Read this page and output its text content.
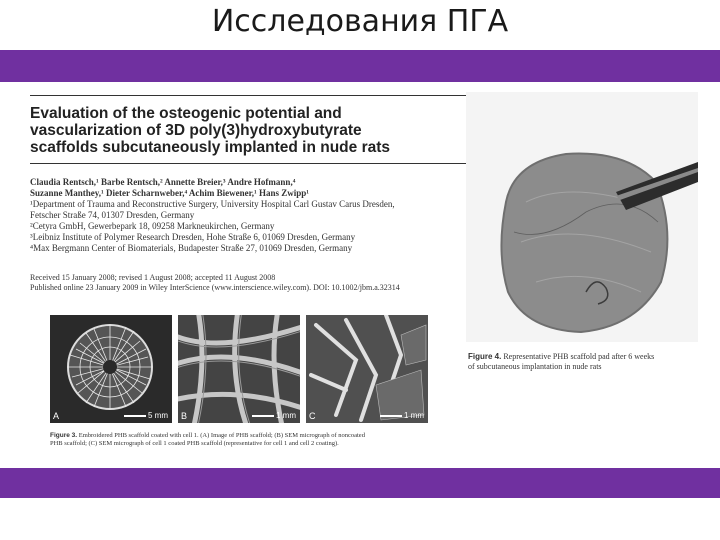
Исследования ПГА
Evaluation of the osteogenic potential and
vascularization of 3D poly(3)hydroxybutyrate
scaffolds subcutaneously implanted in nude rats
Claudia Rentsch,¹ Barbe Rentsch,² Annette Breier,³ Andre Hofmann,⁴
Suzanne Manthey,¹ Dieter Scharnweber,⁴ Achim Biewener,¹ Hans Zwipp¹
¹Department of Trauma and Reconstructive Surgery, University Hospital Carl Gustav Carus Dresden,
Fetscher Straße 74, 01307 Dresden, Germany
²Cetyra GmbH, Gewerbepark 18, 09258 Markneukirchen, Germany
³Leibniz Institute of Polymer Research Dresden, Hohe Straße 6, 01069 Dresden, Germany
⁴Max Bergmann Center of Biomaterials, Budapester Straße 27, 01069 Dresden, Germany
Received 15 January 2008; revised 1 August 2008; accepted 11 August 2008
Published online 23 January 2009 in Wiley InterScience (www.interscience.wiley.com). DOI: 10.1002/jbm.a.32314
A	5 mm B	1 mm C	1 mm
Figure 3. Embroidered PHB scaffold coated with cell 1. (A) Image of PHB scaffold; (B) SEM micrograph of noncoated
PHB scaffold; (C) SEM micrograph of cell 1 coated PHB scaffold (representative for cell 1 and cell 2 coating).
Figure 4. Representative PHB scaffold pad after 6 weeks
of subcutaneous implantation in nude rats
